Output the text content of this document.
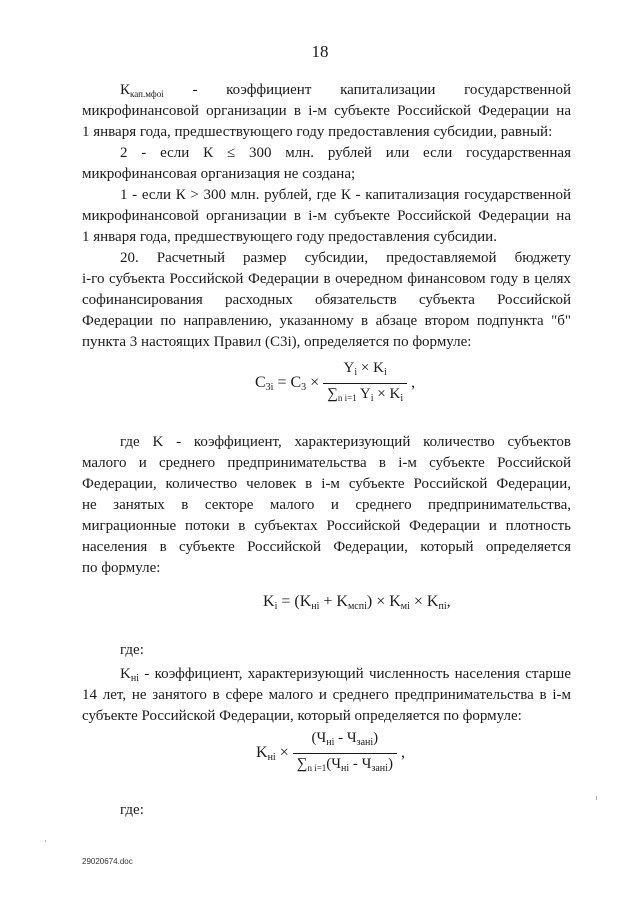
18
$К_{кап.мфоi}$ - коэффициент капитализации государственной
микрофинансовой организации в i-м субъекте Российской Федерации на
1 января года, предшествующего году предоставления субсидии, равный:
2 - если К ≤ 300 млн. рублей или если государственная
микрофинансовая организация не создана;
1 - если К > 300 млн. рублей, где К - капитализация государственной
микрофинансовой организации в i-м субъекте Российской Федерации на
1 января года, предшествующего году предоставления субсидии.
20. Расчетный размер субсидии, предоставляемой бюджету
i-го субъекта Российской Федерации в очередном финансовом году в целях
софинансирования расходных обязательств субъекта Российской
Федерации по направлению, указанному в абзаце втором подпункта "б"
пункта 3 настоящих Правил (С3i), определяется по формуле:
$С_{3i} = С_3 \times \frac{Y_i \times K_i}{\sum_{n i=1} Y_i \times K_i}$ ,
где K - коэффициент, характеризующий количество субъектов
малого и среднего предпринимательства в i-м субъекте Российской
Федерации, количество человек в i-м субъекте Российской Федерации,
не занятых в секторе малого и среднего предпринимательства,
миграционные потоки в субъектах Российской Федерации и плотность
населения в субъекте Российской Федерации, который определяется
по формуле:
$K_i = (K_{нi} + K_{мспi}) \times K_{мi} \times K_{пi}$,
где:
$K_{нi}$ - коэффициент, характеризующий численность населения старше
14 лет, не занятого в сфере малого и среднего предпринимательства в i-м
субъекте Российской Федерации, который определяется по формуле:
$K_{нi} \times \frac{(Ч_{нi} - Ч_{занi})}{\sum_{n i=1}(Ч_{нi} - Ч_{занi})}$ ,
где:
29020674.doc
